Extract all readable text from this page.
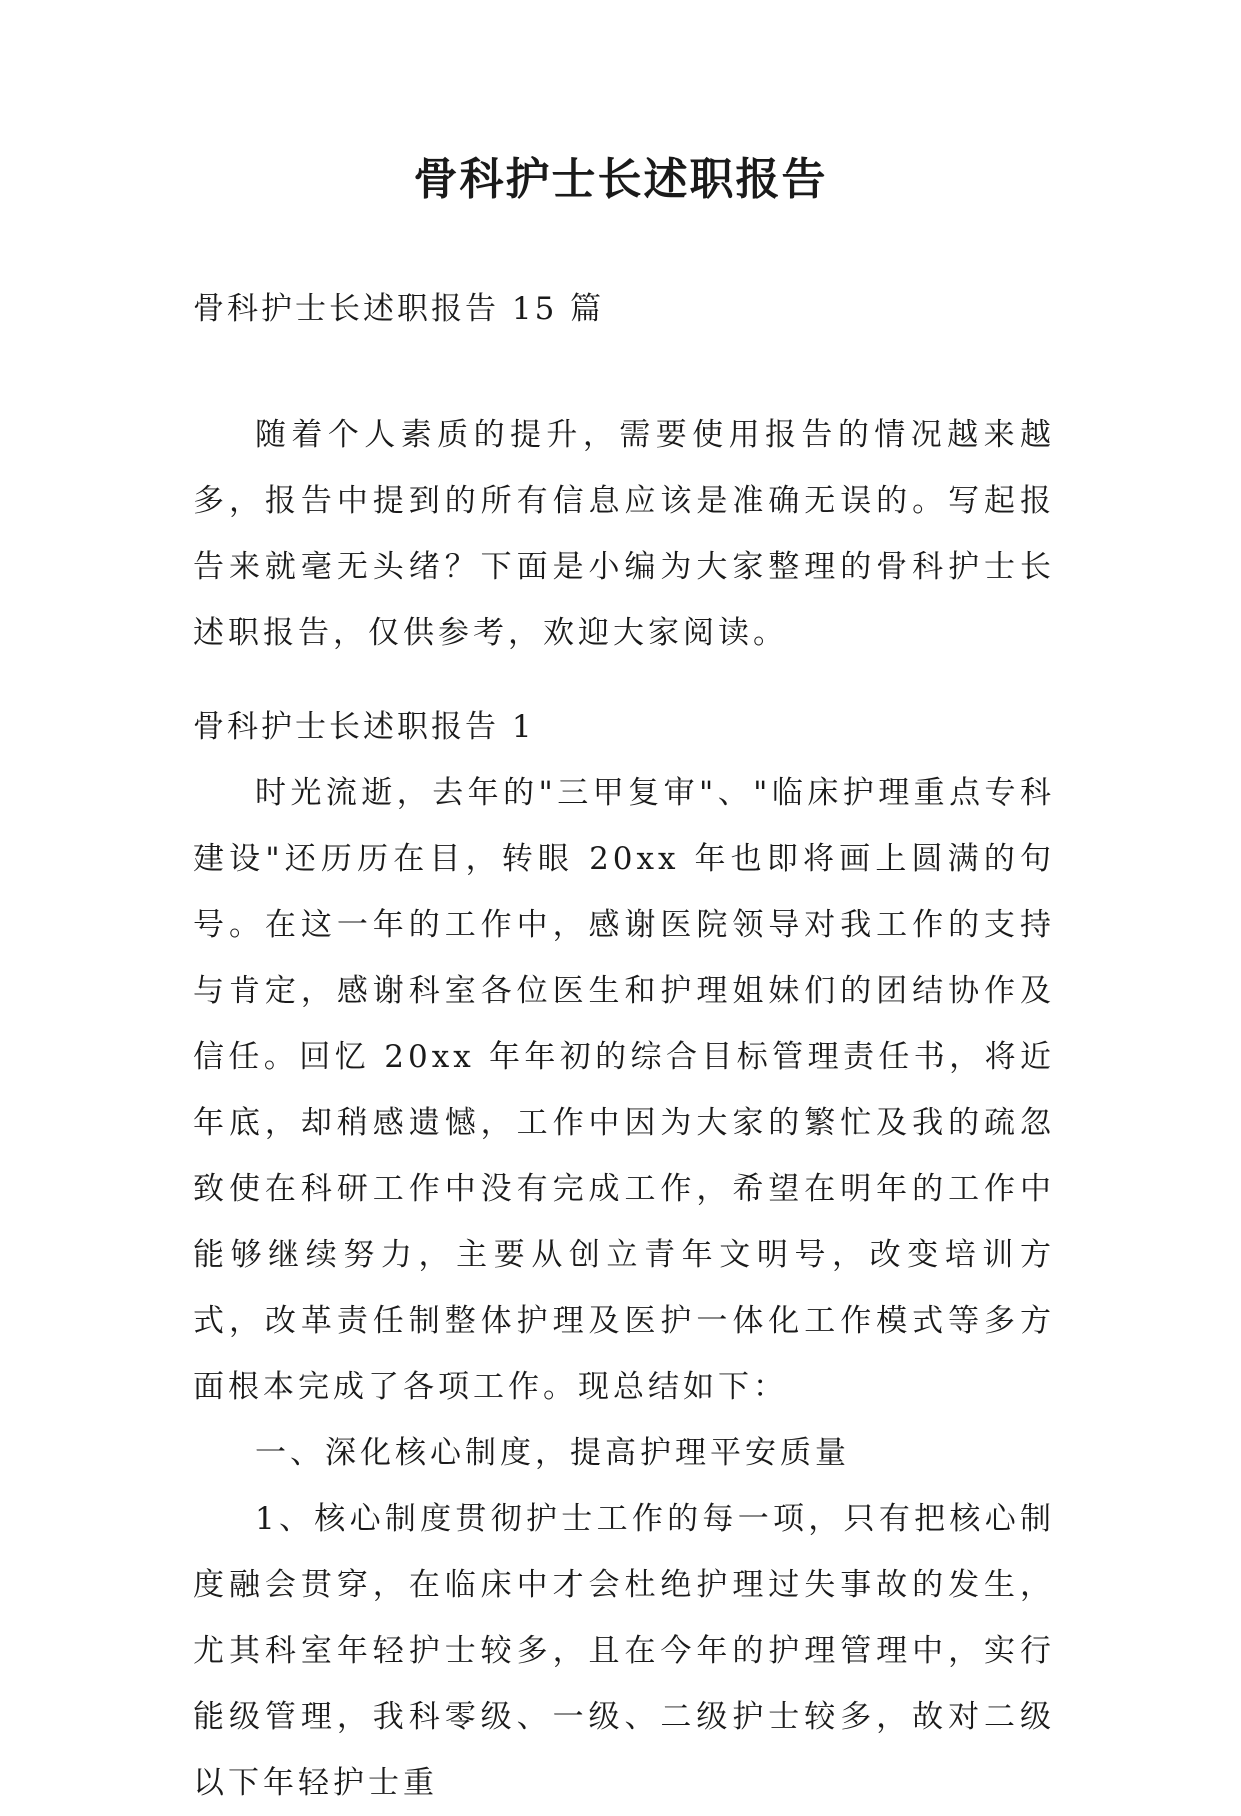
骨科护士长述职报告
骨科护士长述职报告 15 篇

随着个人素质的提升，需要使用报告的情况越来越多，报告中提到的所有信息应该是准确无误的。写起报告来就毫无头绪？下面是小编为大家整理的骨科护士长述职报告，仅供参考，欢迎大家阅读。

骨科护士长述职报告 1

时光流逝，去年的"三甲复审"、"临床护理重点专科建设"还历历在目，转眼 20xx 年也即将画上圆满的句号。在这一年的工作中，感谢医院领导对我工作的支持与肯定，感谢科室各位医生和护理姐妹们的团结协作及信任。回忆 20xx 年年初的综合目标管理责任书，将近年底，却稍感遗憾，工作中因为大家的繁忙及我的疏忽致使在科研工作中没有完成工作，希望在明年的工作中能够继续努力，主要从创立青年文明号，改变培训方式，改革责任制整体护理及医护一体化工作模式等多方面根本完成了各项工作。现总结如下：

一、深化核心制度，提高护理平安质量

1、核心制度贯彻护士工作的每一项，只有把核心制度融会贯穿，在临床中才会杜绝护理过失事故的发生，尤其科室年轻护士较多，且在今年的护理管理中，实行能级管理，我科零级、一级、二级护士较多，故对二级以下年轻护士重
